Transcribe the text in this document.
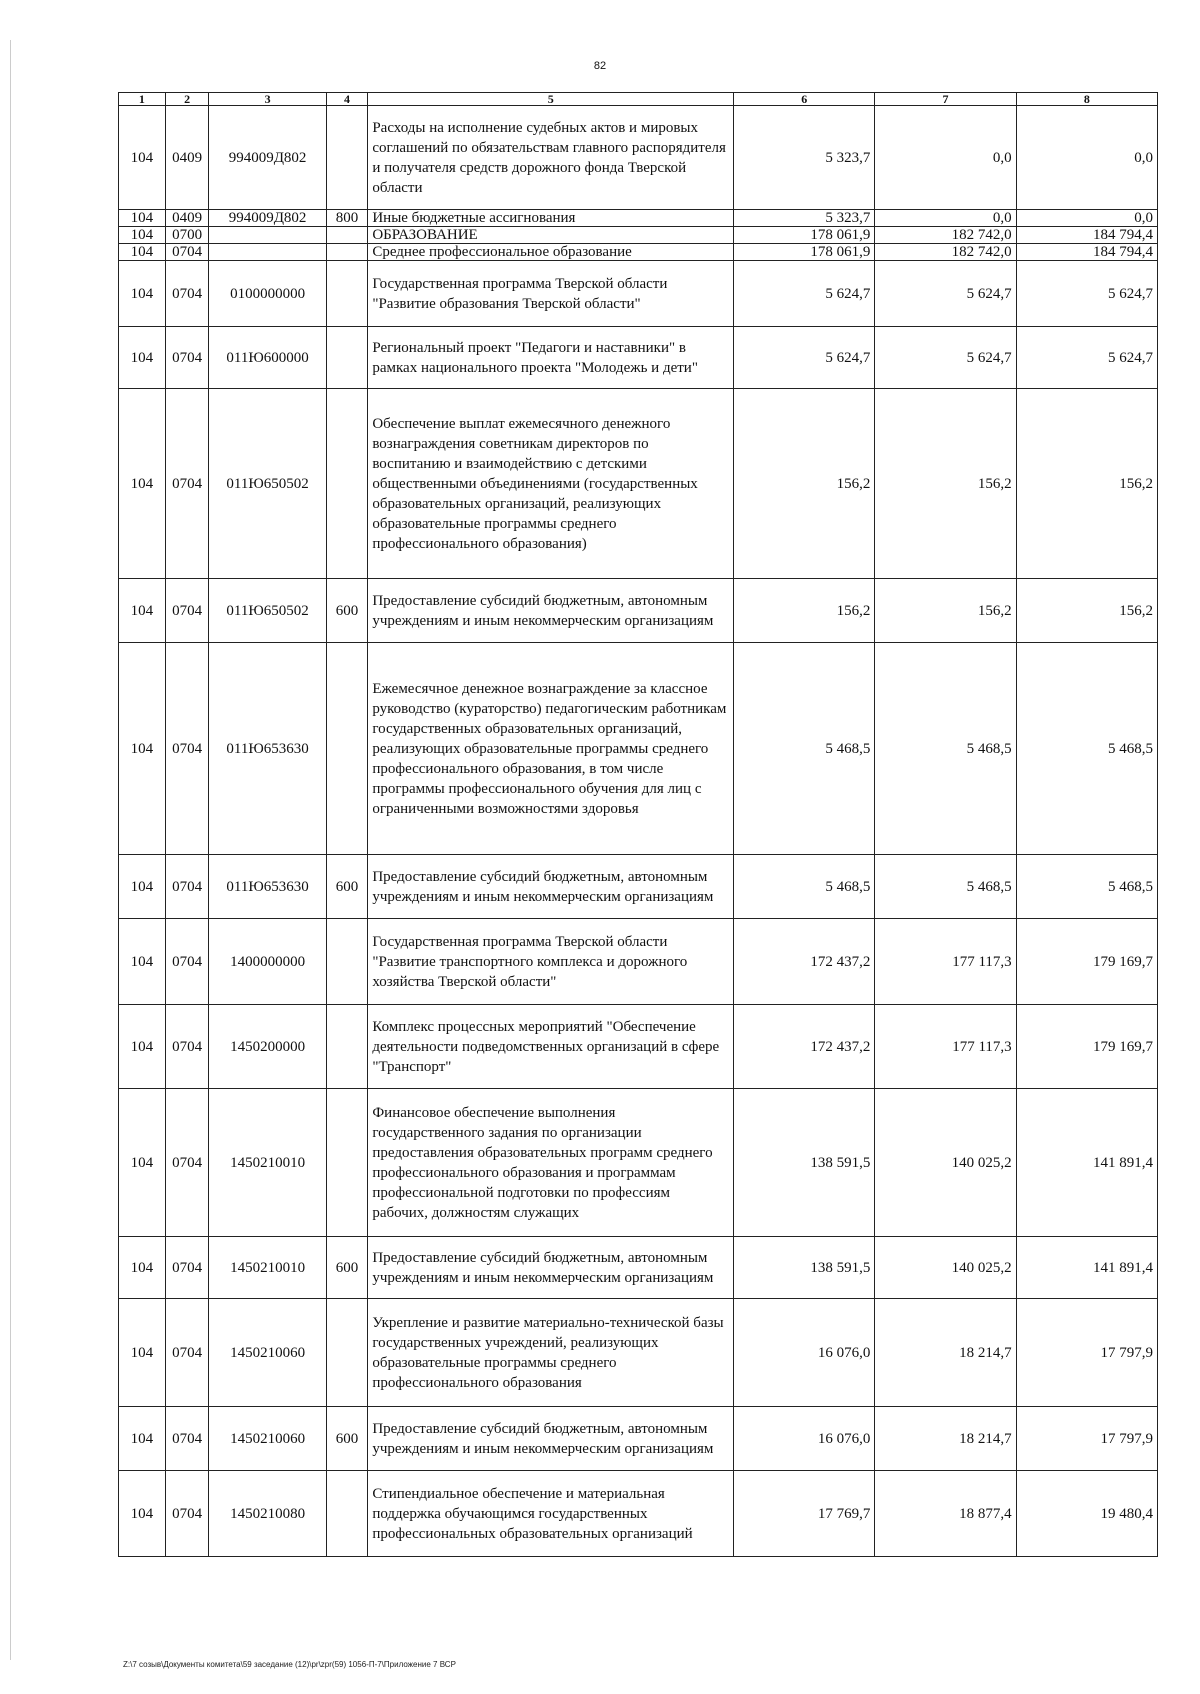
82
1	2	3	4	5	6	7	8
104	0409	994009Д802		Расходы на исполнение судебных актов и мировых соглашений по обязательствам главного распорядителя и получателя средств дорожного фонда Тверской области	5 323,7	0,0	0,0
104	0409	994009Д802	800	Иные бюджетные ассигнования	5 323,7	0,0	0,0
104	0700			ОБРАЗОВАНИЕ	178 061,9	182 742,0	184 794,4
104	0704			Среднее профессиональное образование	178 061,9	182 742,0	184 794,4
104	0704	0100000000		Государственная программа Тверской области "Развитие образования Тверской области"	5 624,7	5 624,7	5 624,7
104	0704	011Ю600000		Региональный проект "Педагоги и наставники" в рамках национального проекта "Молодежь и дети"	5 624,7	5 624,7	5 624,7
104	0704	011Ю650502		Обеспечение выплат ежемесячного денежного вознаграждения советникам директоров по воспитанию и взаимодействию с детскими общественными объединениями (государственных образовательных организаций, реализующих образовательные программы среднего профессионального образования)	156,2	156,2	156,2
104	0704	011Ю650502	600	Предоставление субсидий бюджетным, автономным учреждениям и иным некоммерческим организациям	156,2	156,2	156,2
104	0704	011Ю653630		Ежемесячное денежное вознаграждение за классное руководство (кураторство) педагогическим работникам государственных образовательных организаций, реализующих образовательные программы среднего профессионального образования, в том числе программы профессионального обучения для лиц с ограниченными возможностями здоровья	5 468,5	5 468,5	5 468,5
104	0704	011Ю653630	600	Предоставление субсидий бюджетным, автономным учреждениям и иным некоммерческим организациям	5 468,5	5 468,5	5 468,5
104	0704	1400000000		Государственная программа Тверской области "Развитие транспортного комплекса и дорожного хозяйства Тверской области"	172 437,2	177 117,3	179 169,7
104	0704	1450200000		Комплекс процессных мероприятий "Обеспечение деятельности подведомственных организаций в сфере "Транспорт"	172 437,2	177 117,3	179 169,7
104	0704	1450210010		Финансовое обеспечение выполнения государственного задания по организации предоставления образовательных программ среднего профессионального образования и программам профессиональной подготовки по профессиям рабочих, должностям служащих	138 591,5	140 025,2	141 891,4
104	0704	1450210010	600	Предоставление субсидий бюджетным, автономным учреждениям и иным некоммерческим организациям	138 591,5	140 025,2	141 891,4
104	0704	1450210060		Укрепление и развитие материально-технической базы государственных учреждений, реализующих образовательные программы среднего профессионального образования	16 076,0	18 214,7	17 797,9
104	0704	1450210060	600	Предоставление субсидий бюджетным, автономным учреждениям и иным некоммерческим организациям	16 076,0	18 214,7	17 797,9
104	0704	1450210080		Стипендиальное обеспечение и материальная поддержка обучающимся государственных профессиональных образовательных организаций	17 769,7	18 877,4	19 480,4
Z:\7 созыв\Документы комитета\59 заседание (12)\pr\zpr(59) 1056-П-7\Приложение 7 ВСР
